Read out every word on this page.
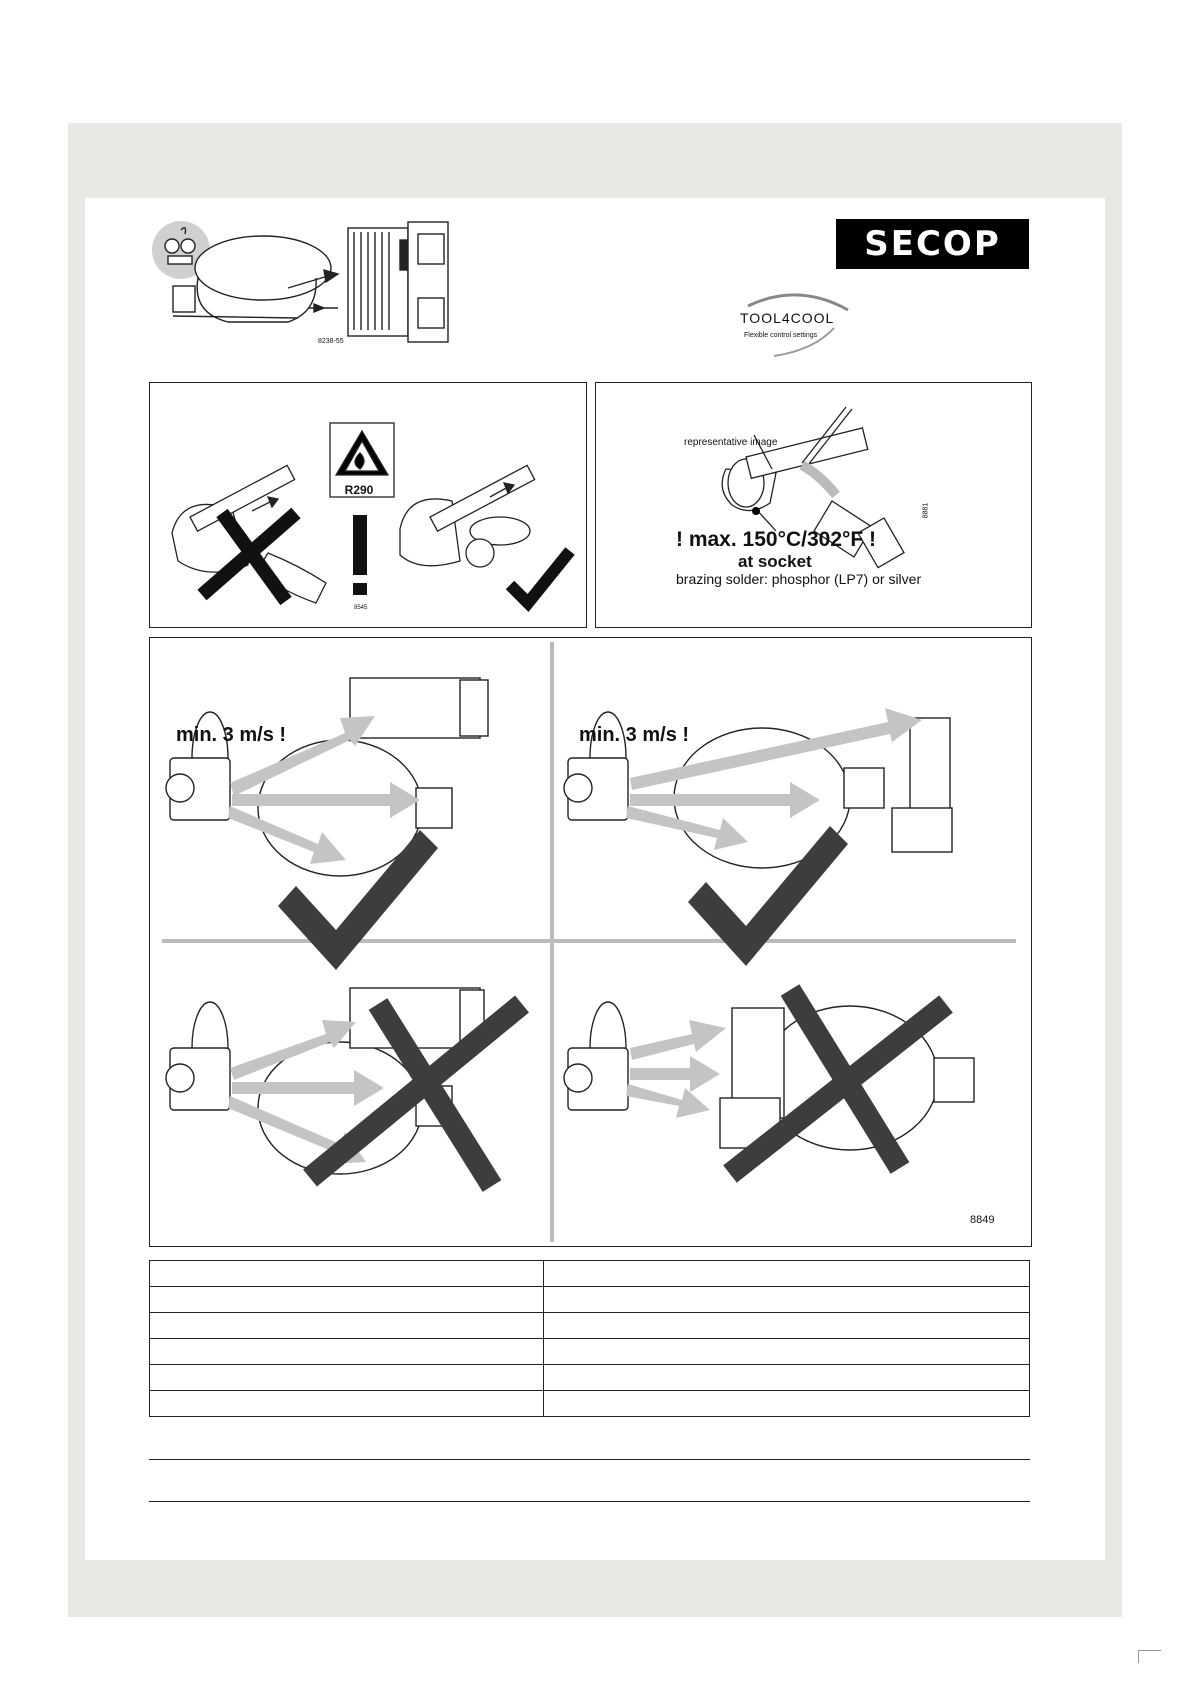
8238-55
SECOP
TOOL4COOL
Flexible control settings
R290
8545
representative image
! max. 150°C/302°F !
at socket
brazing solder: phosphor (LP7) or silver
8881
min. 3 m/s !	min. 3 m/s !
8849
